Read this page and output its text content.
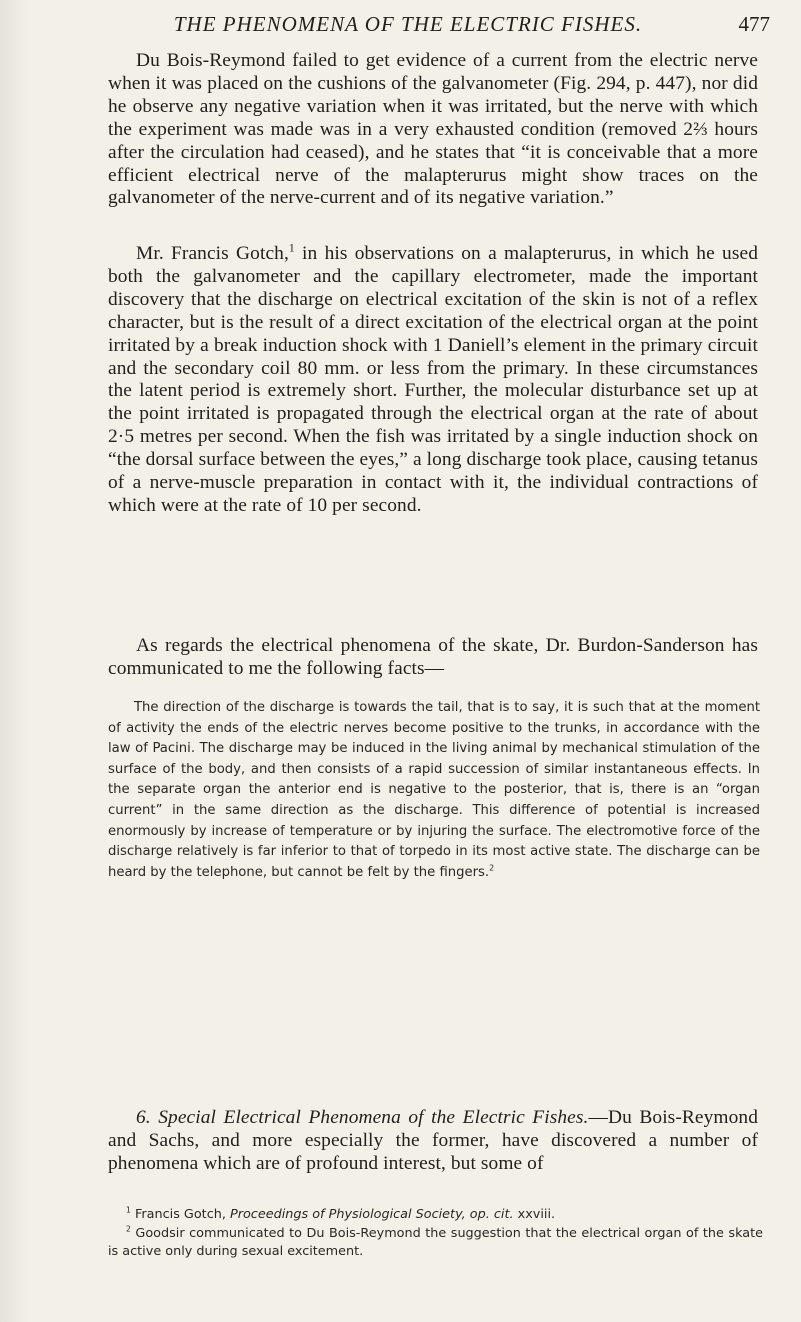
THE PHENOMENA OF THE ELECTRIC FISHES.	477

Du Bois-Reymond failed to get evidence of a current from the electric nerve when it was placed on the cushions of the galvanometer (Fig. 294, p. 447), nor did he observe any negative variation when it was irritated, but the nerve with which the experiment was made was in a very exhausted condition (removed 2⅔ hours after the circulation had ceased), and he states that “it is conceivable that a more efficient electrical nerve of the malapterurus might show traces on the galvanometer of the nerve-current and of its negative variation.”

Mr. Francis Gotch,$^1$ in his observations on a malapterurus, in which he used both the galvanometer and the capillary electrometer, made the important discovery that the discharge on electrical excitation of the skin is not of a reflex character, but is the result of a direct excitation of the electrical organ at the point irritated by a break induction shock with 1 Daniell’s element in the primary circuit and the secondary coil 80 mm. or less from the primary. In these circumstances the latent period is extremely short. Further, the molecular disturbance set up at the point irritated is propagated through the electrical organ at the rate of about 2·5 metres per second. When the fish was irritated by a single induction shock on “the dorsal surface between the eyes,” a long discharge took place, causing tetanus of a nerve-muscle preparation in contact with it, the individual contractions of which were at the rate of 10 per second.

As regards the electrical phenomena of the skate, Dr. Burdon-Sanderson has communicated to me the following facts—

The direction of the discharge is towards the tail, that is to say, it is such that at the moment of activity the ends of the electric nerves become positive to the trunks, in accordance with the law of Pacini. The discharge may be induced in the living animal by mechanical stimulation of the surface of the body, and then consists of a rapid succession of similar instantaneous effects. In the separate organ the anterior end is negative to the posterior, that is, there is an “organ current” in the same direction as the discharge. This difference of potential is increased enormously by increase of temperature or by injuring the surface. The electromotive force of the discharge relatively is far inferior to that of torpedo in its most active state. The discharge can be heard by the telephone, but cannot be felt by the fingers.$^2$

6. Special Electrical Phenomena of the Electric Fishes.—Du Bois-Reymond and Sachs, and more especially the former, have discovered a number of phenomena which are of profound interest, but some of

$^1$ Francis Gotch, Proceedings of Physiological Society, op. cit. xxviii.

$^2$ Goodsir communicated to Du Bois-Reymond the suggestion that the electrical organ of the skate is active only during sexual excitement.
